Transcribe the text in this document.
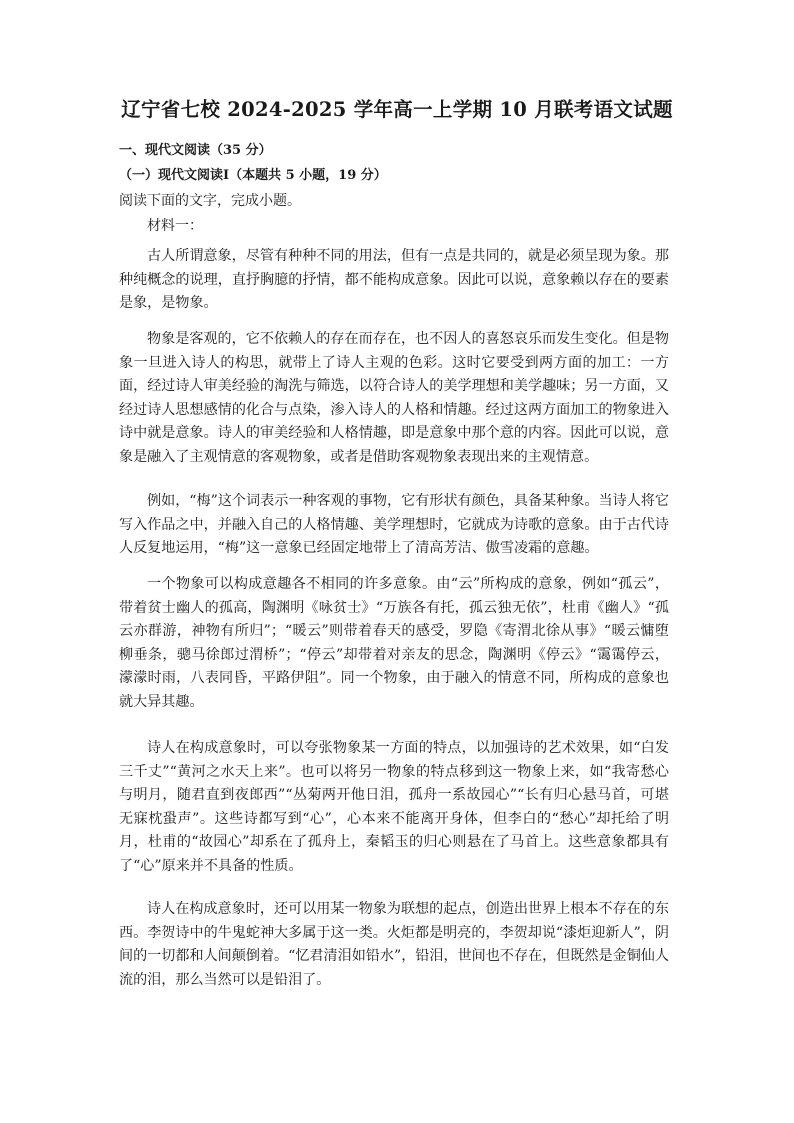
辽宁省七校 2024-2025 学年高一上学期 10 月联考语文试题
一、现代文阅读（35 分）
（一）现代文阅读Ⅰ（本题共 5 小题，19 分）
阅读下面的文字，完成小题。
材料一：

古人所谓意象，尽管有种种不同的用法，但有一点是共同的，就是必须呈现为象。那种纯概念的说理，直抒胸臆的抒情，都不能构成意象。因此可以说，意象赖以存在的要素是象，是物象。

物象是客观的，它不依赖人的存在而存在，也不因人的喜怒哀乐而发生变化。但是物象一旦进入诗人的构思，就带上了诗人主观的色彩。这时它要受到两方面的加工：一方面，经过诗人审美经验的淘洗与筛选，以符合诗人的美学理想和美学趣味；另一方面，又经过诗人思想感情的化合与点染，渗入诗人的人格和情趣。经过这两方面加工的物象进入诗中就是意象。诗人的审美经验和人格情趣，即是意象中那个意的内容。因此可以说，意象是融入了主观情意的客观物象，或者是借助客观物象表现出来的主观情意。

例如，“梅”这个词表示一种客观的事物，它有形状有颜色，具备某种象。当诗人将它写入作品之中，并融入自己的人格情趣、美学理想时，它就成为诗歌的意象。由于古代诗人反复地运用，“梅”这一意象已经固定地带上了清高芳洁、傲雪凌霜的意趣。

一个物象可以构成意趣各不相同的许多意象。由“云”所构成的意象，例如“孤云”，带着贫士幽人的孤高，陶渊明《咏贫士》“万族各有托，孤云独无依”，杜甫《幽人》“孤云亦群游，神物有所归”；“暖云”则带着春天的感受，罗隐《寄渭北徐从事》“暖云慵堕柳垂条，骢马徐郎过渭桥”；“停云”却带着对亲友的思念，陶渊明《停云》“霭霭停云，濛濛时雨，八表同昏，平路伊阻”。同一个物象，由于融入的情意不同，所构成的意象也就大异其趣。

诗人在构成意象时，可以夸张物象某一方面的特点，以加强诗的艺术效果，如“白发三千丈”“黄河之水天上来”。也可以将另一物象的特点移到这一物象上来，如“我寄愁心与明月，随君直到夜郎西”“丛菊两开他日泪，孤舟一系故园心”“长有归心悬马首，可堪无寐枕蛩声”。这些诗都写到“心”，心本来不能离开身体，但李白的“愁心”却托给了明月，杜甫的“故园心”却系在了孤舟上，秦韬玉的归心则悬在了马首上。这些意象都具有了“心”原来并不具备的性质。

诗人在构成意象时，还可以用某一物象为联想的起点，创造出世界上根本不存在的东西。李贺诗中的牛鬼蛇神大多属于这一类。火炬都是明亮的，李贺却说“漆炬迎新人”，阴间的一切都和人间颠倒着。“忆君清泪如铅水”，铅泪，世间也不存在，但既然是金铜仙人流的泪，那么当然可以是铅泪了。
